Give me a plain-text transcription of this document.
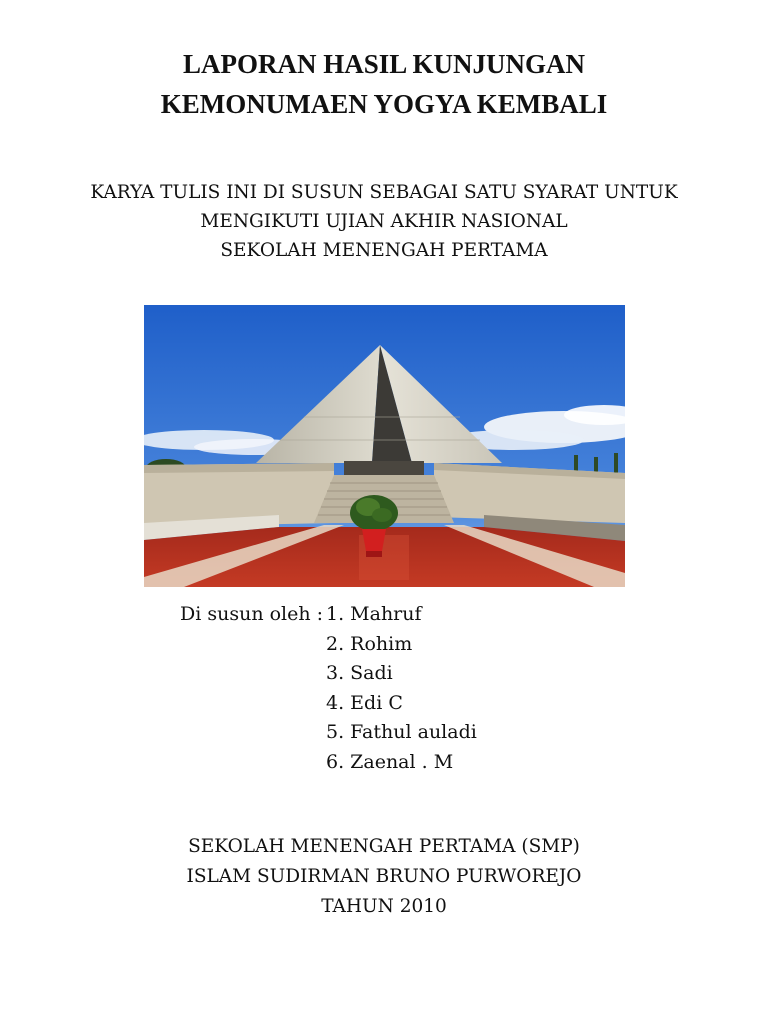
LAPORAN HASIL KUNJUNGAN
KEMONUMAEN YOGYA KEMBALI
KARYA TULIS INI DI SUSUN SEBAGAI SATU SYARAT UNTUK
MENGIKUTI UJIAN AKHIR NASIONAL
SEKOLAH MENENGAH PERTAMA
Di susun oleh : 1. Mahruf
2. Rohim
3. Sadi
4. Edi C
5. Fathul auladi
6. Zaenal . M
SEKOLAH MENENGAH PERTAMA (SMP)
ISLAM SUDIRMAN BRUNO PURWOREJO
TAHUN 2010
